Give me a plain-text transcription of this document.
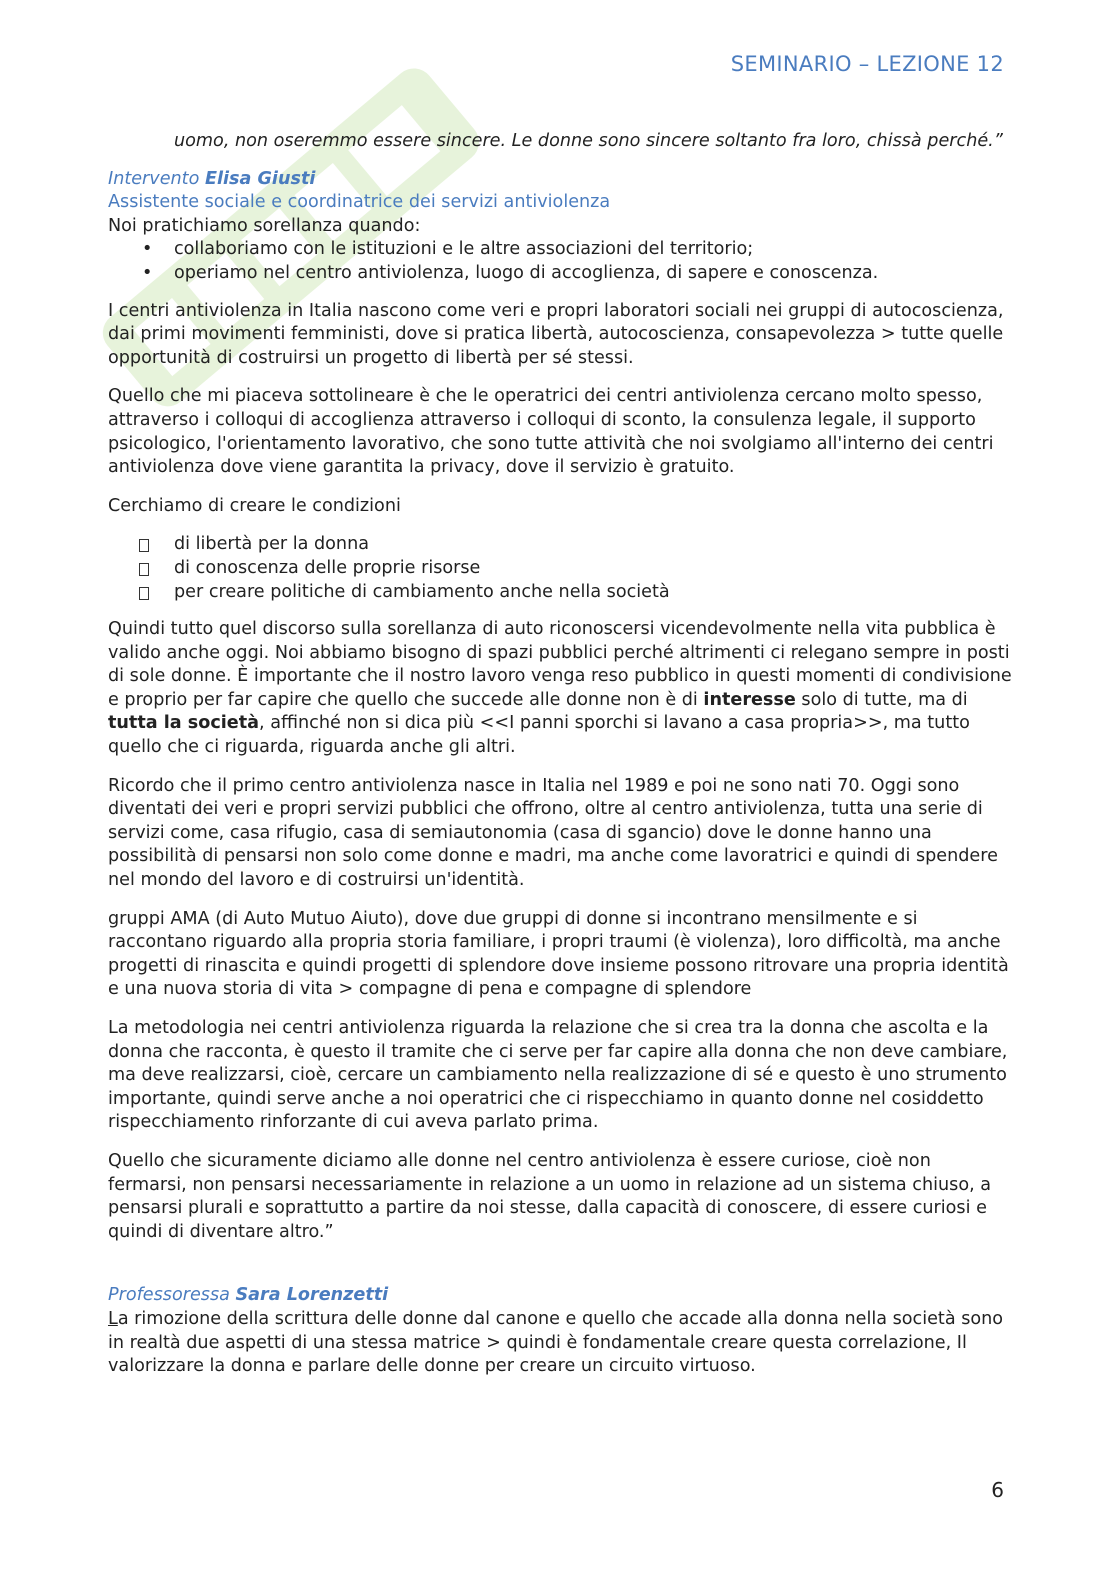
SEMINARIO – LEZIONE 12

uomo, non oseremmo essere sincere. Le donne sono sincere soltanto fra loro, chissà perché.”

Intervento Elisa Giusti

Assistente sociale e coordinatrice dei servizi antiviolenza

Noi pratichiamo sorellanza quando:

• collaboriamo con le istituzioni e le altre associazioni del territorio;
• operiamo nel centro antiviolenza, luogo di accoglienza, di sapere e conoscenza.

I centri antiviolenza in Italia nascono come veri e propri laboratori sociali nei gruppi di autocoscienza, dai primi movimenti femministi, dove si pratica libertà, autocoscienza, consapevolezza > tutte quelle opportunità di costruirsi un progetto di libertà per sé stessi.

Quello che mi piaceva sottolineare è che le operatrici dei centri antiviolenza cercano molto spesso, attraverso i colloqui di accoglienza attraverso i colloqui di sconto, la consulenza legale, il supporto psicologico, l'orientamento lavorativo, che sono tutte attività che noi svolgiamo all'interno dei centri antiviolenza dove viene garantita la privacy, dove il servizio è gratuito.

Cerchiamo di creare le condizioni

di libertà per la donna
di conoscenza delle proprie risorse
per creare politiche di cambiamento anche nella società

Quindi tutto quel discorso sulla sorellanza di auto riconoscersi vicendevolmente nella vita pubblica è valido anche oggi. Noi abbiamo bisogno di spazi pubblici perché altrimenti ci relegano sempre in posti di sole donne. È importante che il nostro lavoro venga reso pubblico in questi momenti di condivisione e proprio per far capire che quello che succede alle donne non è di interesse solo di tutte, ma di tutta la società, affinché non si dica più <<I panni sporchi si lavano a casa propria>>, ma tutto quello che ci riguarda, riguarda anche gli altri.

Ricordo che il primo centro antiviolenza nasce in Italia nel 1989 e poi ne sono nati 70. Oggi sono diventati dei veri e propri servizi pubblici che offrono, oltre al centro antiviolenza, tutta una serie di servizi come, casa rifugio, casa di semiautonomia (casa di sgancio) dove le donne hanno una possibilità di pensarsi non solo come donne e madri, ma anche come lavoratrici e quindi di spendere nel mondo del lavoro e di costruirsi un'identità.

gruppi AMA (di Auto Mutuo Aiuto), dove due gruppi di donne si incontrano mensilmente e si raccontano riguardo alla propria storia familiare, i propri traumi (è violenza), loro difficoltà, ma anche progetti di rinascita e quindi progetti di splendore dove insieme possono ritrovare una propria identità e una nuova storia di vita > compagne di pena e compagne di splendore

La metodologia nei centri antiviolenza riguarda la relazione che si crea tra la donna che ascolta e la donna che racconta, è questo il tramite che ci serve per far capire alla donna che non deve cambiare, ma deve realizzarsi, cioè, cercare un cambiamento nella realizzazione di sé e questo è uno strumento importante, quindi serve anche a noi operatrici che ci rispecchiamo in quanto donne nel cosiddetto rispecchiamento rinforzante di cui aveva parlato prima.

Quello che sicuramente diciamo alle donne nel centro antiviolenza è essere curiose, cioè non fermarsi, non pensarsi necessariamente in relazione a un uomo in relazione ad un sistema chiuso, a pensarsi plurali e soprattutto a partire da noi stesse, dalla capacità di conoscere, di essere curiosi e quindi di diventare altro.”

Professoressa Sara Lorenzetti

La rimozione della scrittura delle donne dal canone e quello che accade alla donna nella società sono in realtà due aspetti di una stessa matrice > quindi è fondamentale creare questa correlazione, Il valorizzare la donna e parlare delle donne per creare un circuito virtuoso.

6
